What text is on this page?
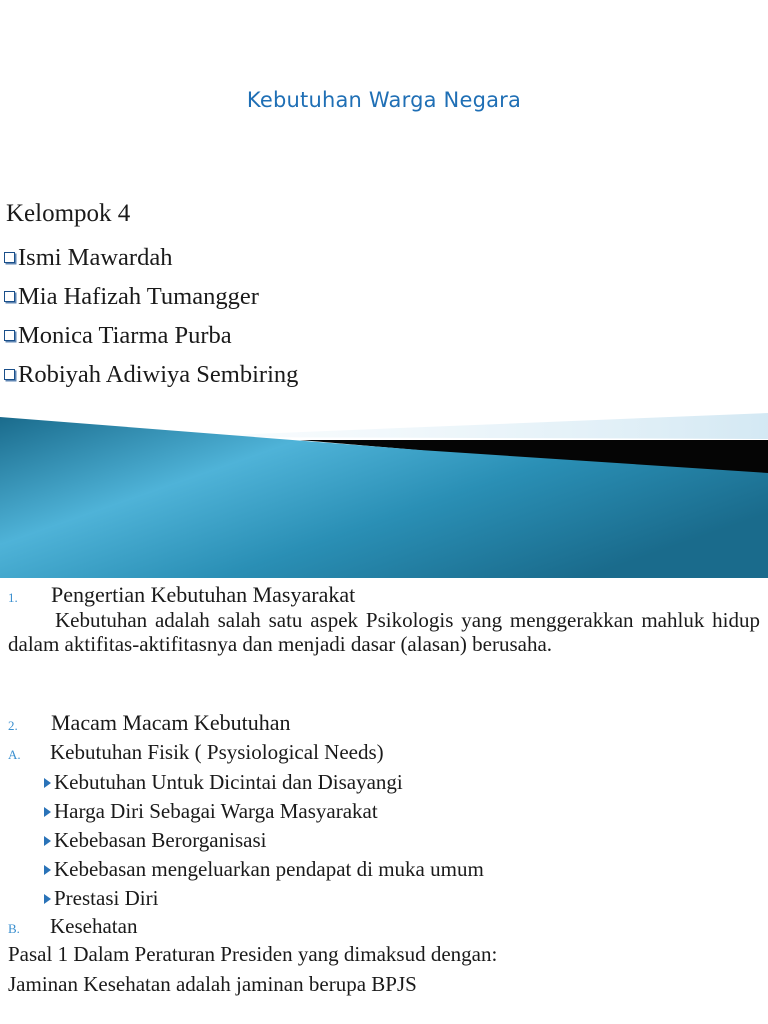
Kebutuhan Warga Negara
Kelompok 4
Ismi Mawardah
Mia Hafizah Tumangger
Monica Tiarma Purba
Robiyah Adiwiya Sembiring
1. Pengertian Kebutuhan Masyarakat
Kebutuhan adalah salah satu aspek Psikologis yang menggerakkan mahluk hidup dalam aktifitas-aktifitasnya dan menjadi dasar (alasan) berusaha.
2. Macam Macam Kebutuhan
A. Kebutuhan Fisik ( Psysiological Needs)
Kebutuhan Untuk Dicintai dan Disayangi
Harga Diri Sebagai Warga Masyarakat
Kebebasan Berorganisasi
Kebebasan mengeluarkan pendapat di muka umum
Prestasi Diri
B. Kesehatan
Pasal 1 Dalam Peraturan Presiden yang dimaksud dengan:
Jaminan Kesehatan adalah jaminan berupa BPJS
